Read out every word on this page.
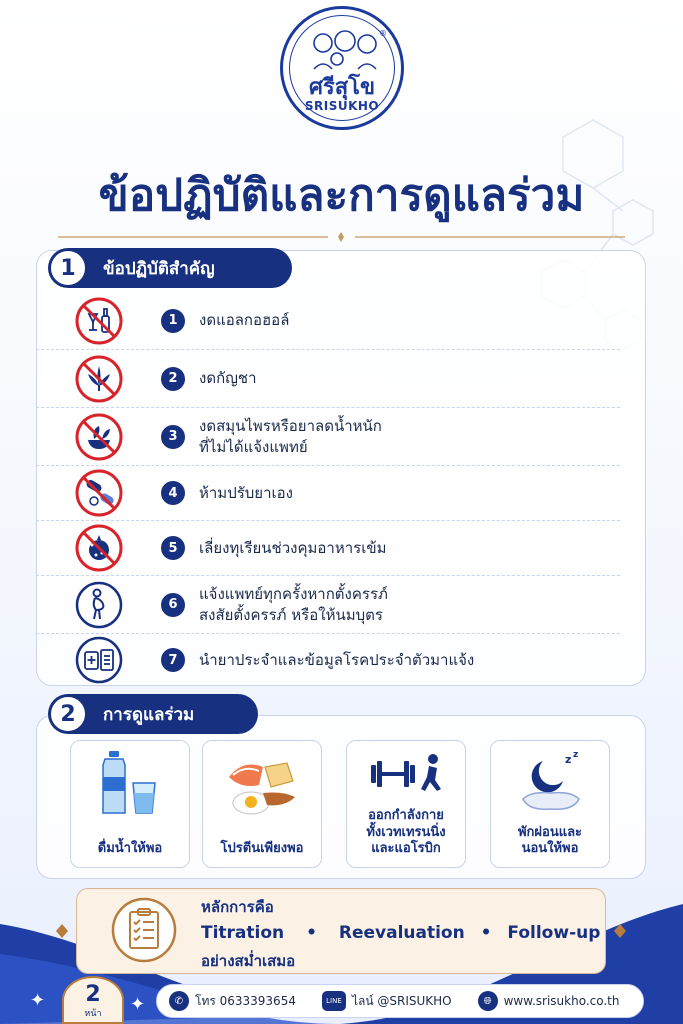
®
ศรีสุโข
SRISUKHO
ข้อปฏิบัติและการดูแลร่วม
1	ข้อปฏิบัติสำคัญ
1	งดแอลกอฮอล์
2	งดกัญชา
3
งดสมุนไพรหรือยาลดน้ำหนัก
ที่ไม่ได้แจ้งแพทย์
4	ห้ามปรับยาเอง
5	เลี่ยงทุเรียนช่วงคุมอาหารเข้ม
6
แจ้งแพทย์ทุกครั้งหากตั้งครรภ์
สงสัยตั้งครรภ์ หรือให้นมบุตร
7	นำยาประจำและข้อมูลโรคประจำตัวมาแจ้ง
2	การดูแลร่วม
ดื่มน้ำให้พอ	โปรตีนเพียงพอ
ออกกำลังกาย
ทั้งเวทเทรนนิ่ง
และแอโรบิก
z z
พักผ่อนและ
นอนให้พอ
หลักการคือ
Titration • Reevaluation • Follow-up
อย่างสม่ำเสมอ
✦	✦
2
หน้า
✆ โทร 0633393654	LINE ไลน์ @SRISUKHO	🌐︎	www.srisukho.co.th
